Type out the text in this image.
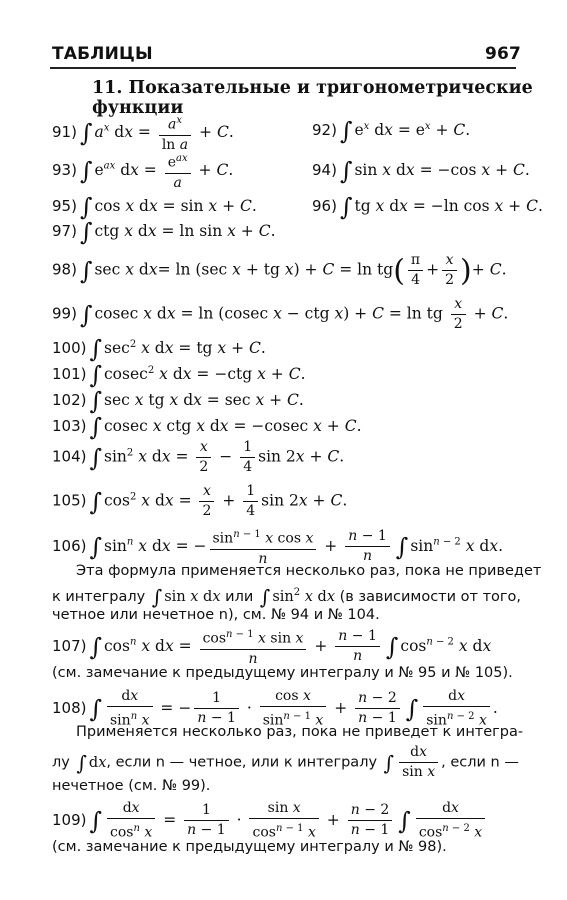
ТАБЛИЦЫ	967
11. Показательные и тригонометрические функции
91) ∫ $a^x$ dx = $\frac{a^x}{\text{ln a}} + C$.	92) ∫ $e^x$ dx = $e^x + C$.
93) ∫ $e^{ax}$ dx = $\frac{e^{ax}}{a} + C$.	94) ∫ sin x dx = −cos x + C.
95) ∫ cos x dx = sin x + C.	96) ∫ tg x dx = −ln cos x + C.
97) ∫ ctg x dx = ln sin x + C.
98) ∫ sec x dx= ln (sec x + tg $x) + C = \ln tg( \frac{\pi}{4} + \frac{x}{2}$ )+ C.
99) ∫ cosec x dx = ln (cosec x − ctg x) + C = ln tg $\frac{x}{2} + C$.
100) ∫ $\sec^2 x$ dx = tg x + C.
101) ∫ cosec$^2$ x dx = −ctg x + C.
102) ∫ sec x tg x dx = sec x + C.
103) ∫ cosec x ctg x dx = −cosec x + C.
104) ∫ $\sin^2 x$ dx = $\frac{x}{2} - \frac{1}{4}$ sin 2x + C.
105) ∫ $\cos^2 x$ dx = $\frac{x}{2} + \frac{1}{4}$ sin 2x + C.
106) ∫ $\sin^n x$ dx = − $\frac{\sin^{n - 1} x \cos x}{n} + \frac{n - 1}{n}$ ∫ $\sin^{n - 2} x$ dx.
Эта формула применяется несколько раз, пока не приведет
к интегралу ∫ sin x dx или ∫ $\sin^2 x$ dx (в зависимости от того,
четное или нечетное n), см. № 94 и № 104.
107) ∫ $\cos^n x$ dx = $\frac{\cos^{n - 1} x \sin x}{n} + \frac{n - 1}{n}$ ∫ $\cos^{n - 2} x$ dx
(см. замечание к предыдущему интегралу и № 95 и № 105).
108) ∫ $\frac{dx}{\sin^n x}$ = − $\frac{1}{n - 1} \cdot \frac{\text{cos x}}{\sin^{n - 1} x} + \frac{n - 2}{n - 1}$ ∫ $\frac{dx}{\sin^{n - 2} x}$ .
Применяется несколько раз, пока не приведет к интегра-
лу ∫ dx, если n — четное, или к интегралу ∫ $\frac{dx}{\text{sin x}}$ , если n —
нечетное (см. № 99).
109) ∫ $\frac{dx}{\cos^n x} = \frac{1}{n - 1} \cdot \frac{\text{sin x}}{\cos^{n - 1} x} + \frac{n - 2}{n - 1}$ ∫ $\frac{dx}{\cos^{n - 2} x}$
(см. замечание к предыдущему интегралу и № 98).
